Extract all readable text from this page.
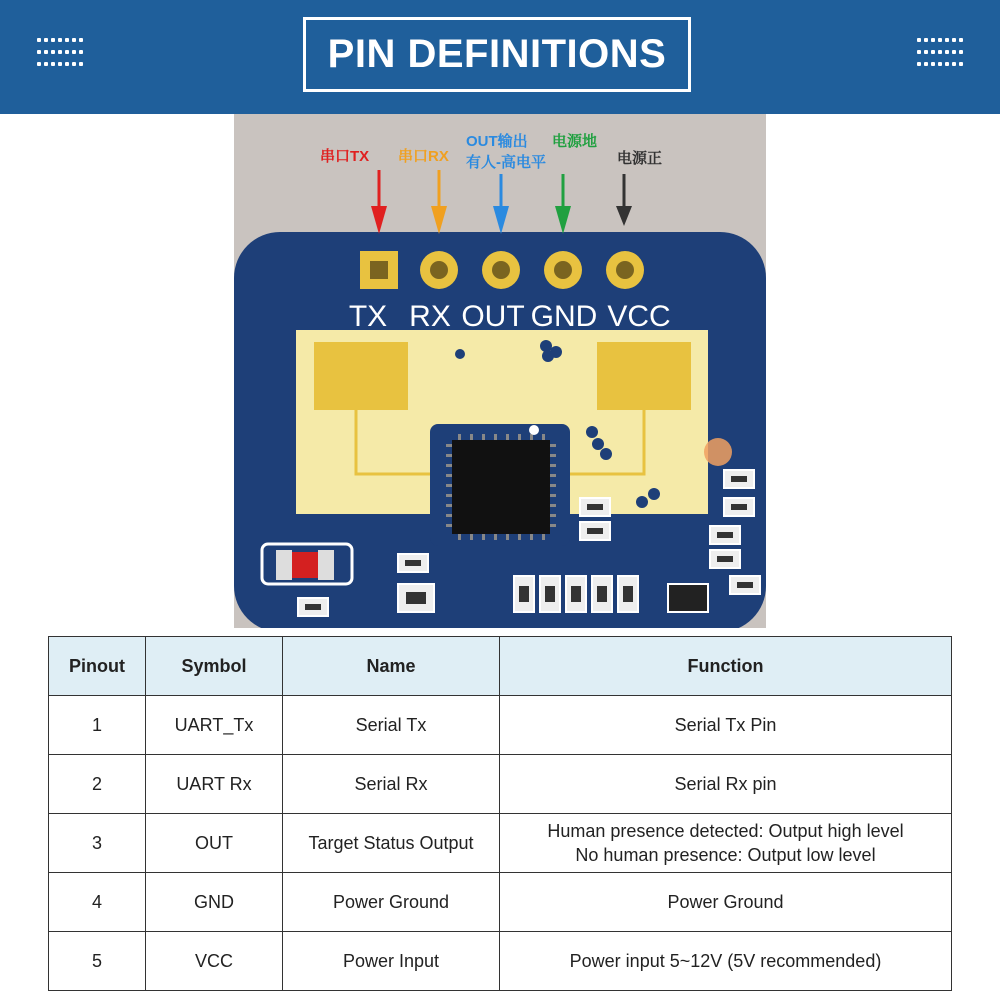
PIN DEFINITIONS
TX RX OUT GND VCC
串口TX 串口RX
OUT输出
有人-高电平
电源地
电源正
Pinout	Symbol	Name	Function
1	UART_Tx	Serial Tx	Serial Tx Pin
2	UART Rx	Serial Rx	Serial Rx pin
3	OUT	Target Status Output	Human presence detected: Output high level
No human presence: Output low level

4	GND	Power Ground	Power Ground
5	VCC	Power Input	Power input 5~12V (5V recommended)
